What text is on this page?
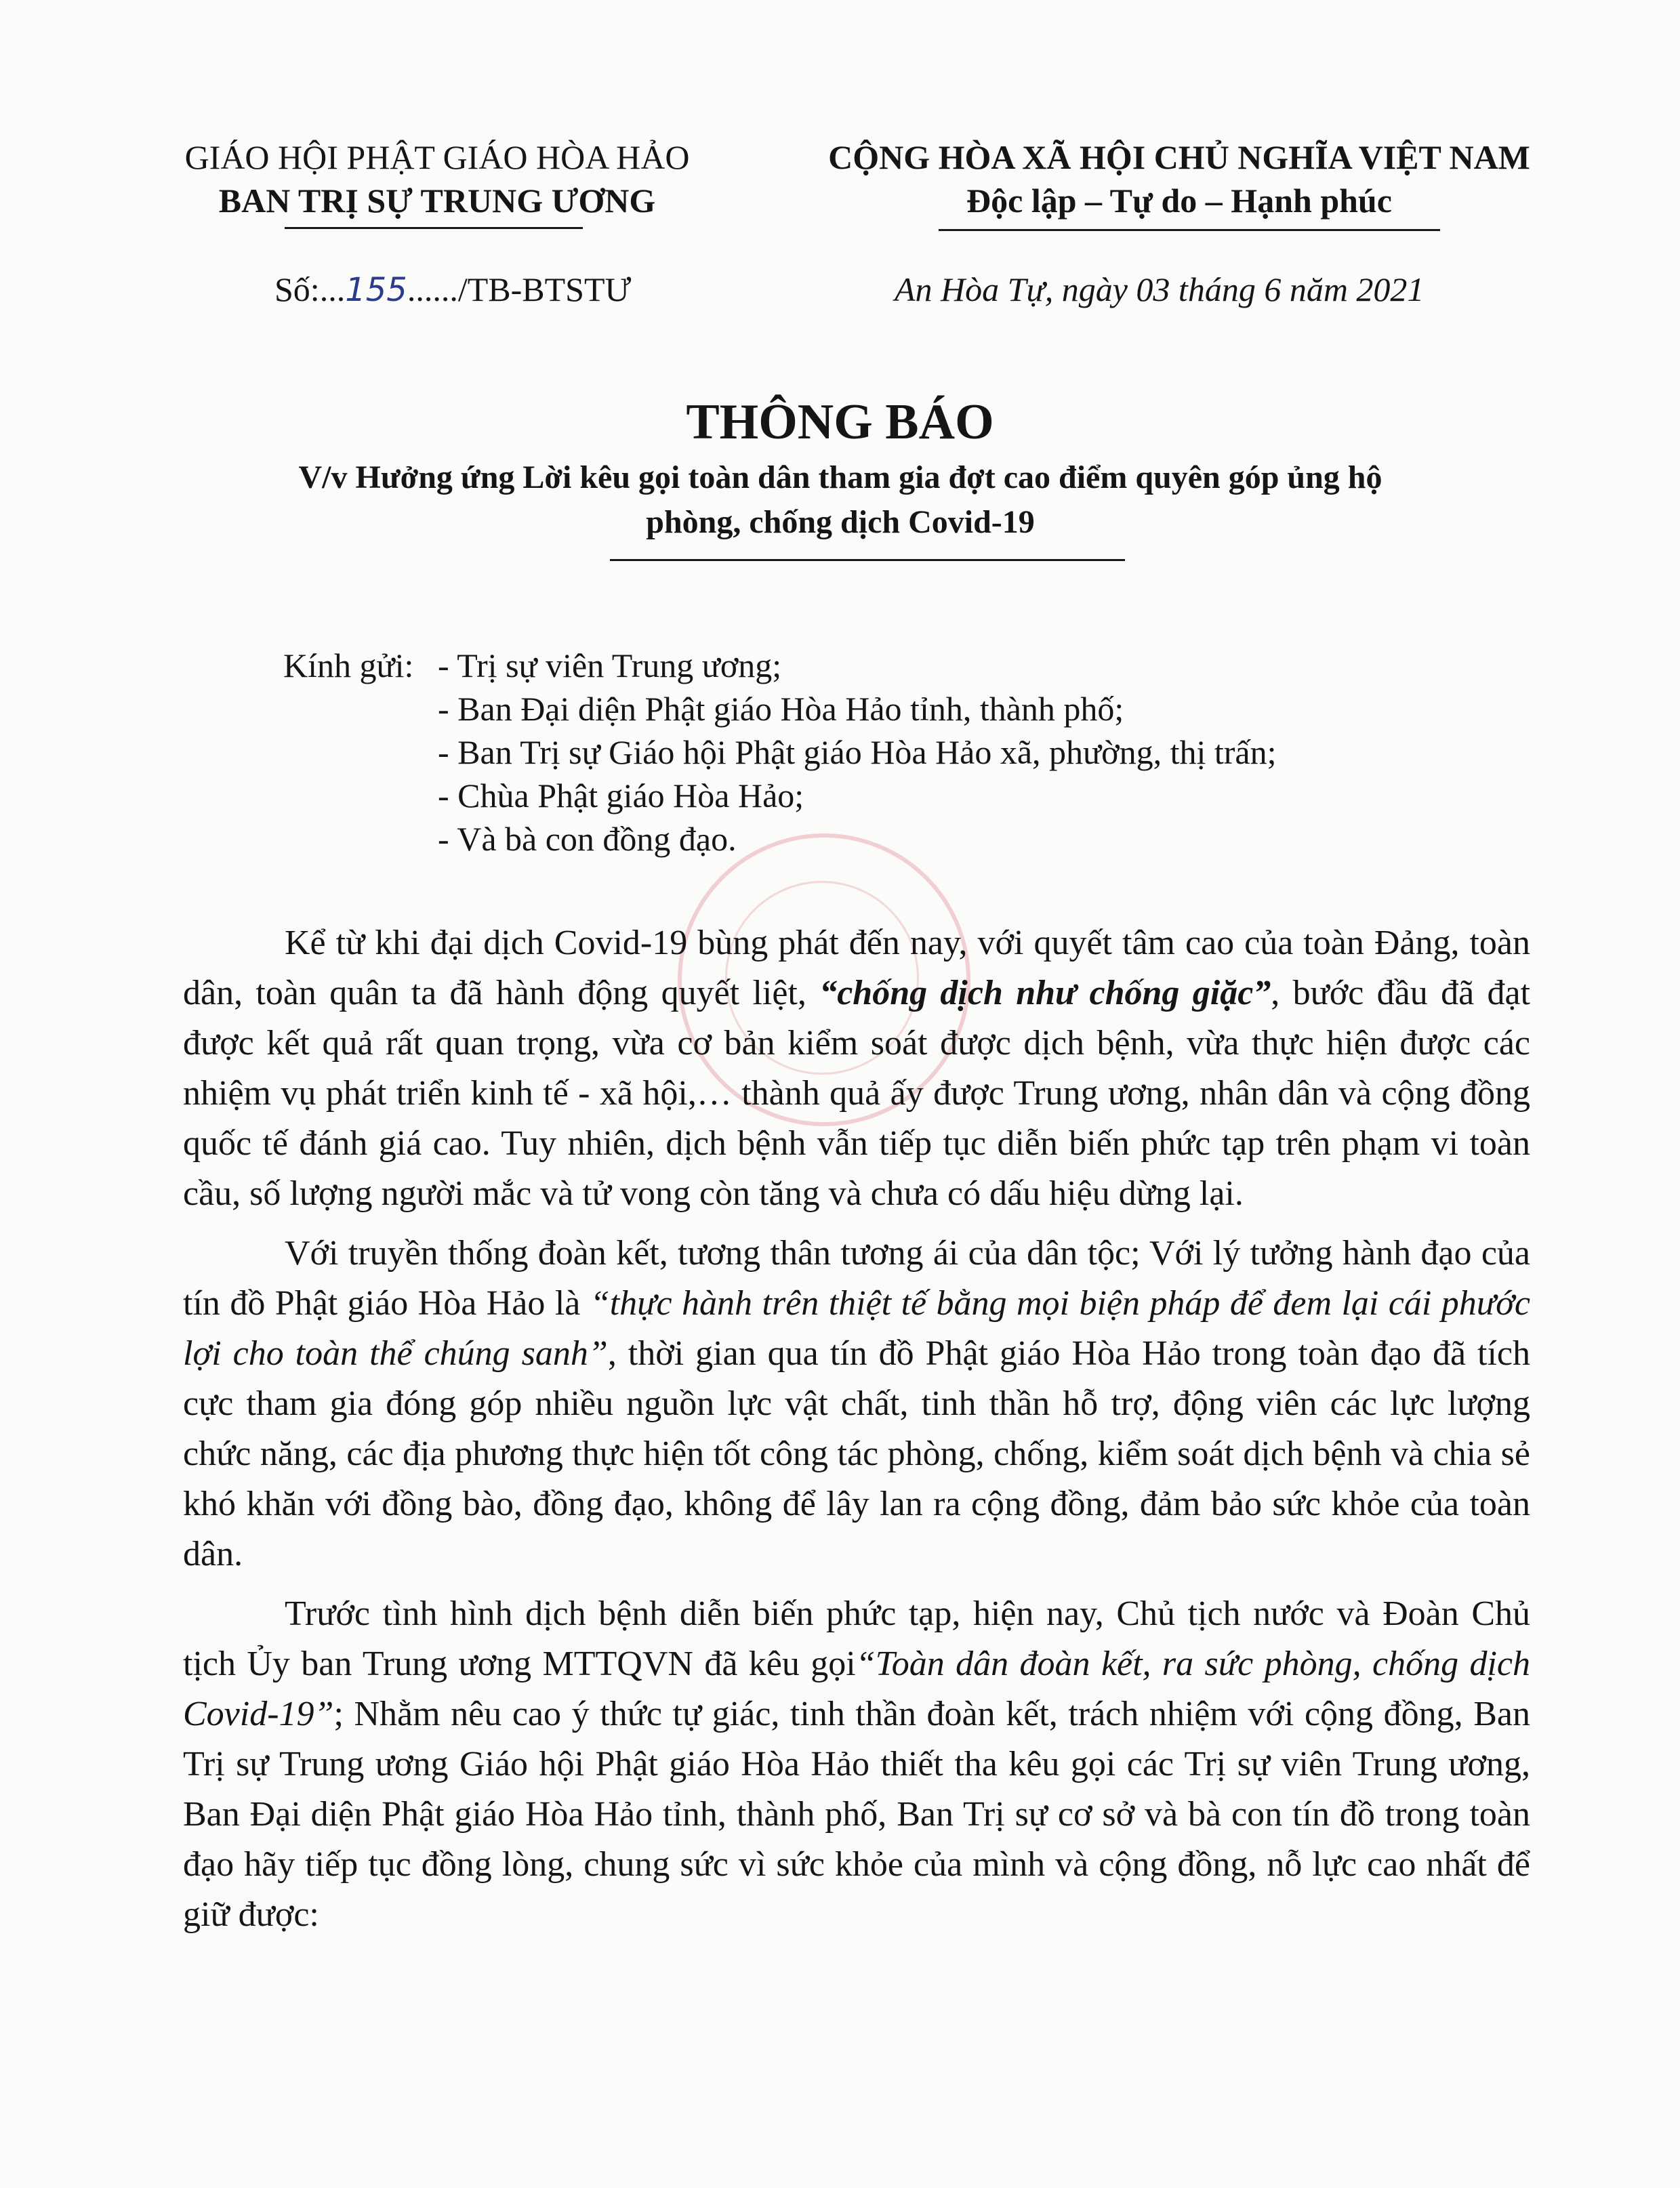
GIÁO HỘI PHẬT GIÁO HÒA HẢO
BAN TRỊ SỰ TRUNG ƯƠNG
CỘNG HÒA XÃ HỘI CHỦ NGHĨA VIỆT NAM
Độc lập – Tự do – Hạnh phúc
Số:...155....../TB-BTSTƯ	An Hòa Tự, ngày 03 tháng 6 năm 2021
THÔNG BÁO
V/v Hưởng ứng Lời kêu gọi toàn dân tham gia đợt cao điểm quyên góp ủng hộ
phòng, chống dịch Covid-19
Kính gửi: - Trị sự viên Trung ương;
- Ban Đại diện Phật giáo Hòa Hảo tỉnh, thành phố;
- Ban Trị sự Giáo hội Phật giáo Hòa Hảo xã, phường, thị trấn;
- Chùa Phật giáo Hòa Hảo;
- Và bà con đồng đạo.

Kể từ khi đại dịch Covid-19 bùng phát đến nay, với quyết tâm cao của toàn Đảng, toàn dân, toàn quân ta đã hành động quyết liệt, “chống dịch như chống giặc”, bước đầu đã đạt được kết quả rất quan trọng, vừa cơ bản kiểm soát được dịch bệnh, vừa thực hiện được các nhiệm vụ phát triển kinh tế - xã hội,… thành quả ấy được Trung ương, nhân dân và cộng đồng quốc tế đánh giá cao. Tuy nhiên, dịch bệnh vẫn tiếp tục diễn biến phức tạp trên phạm vi toàn cầu, số lượng người mắc và tử vong còn tăng và chưa có dấu hiệu dừng lại.

Với truyền thống đoàn kết, tương thân tương ái của dân tộc; Với lý tưởng hành đạo của tín đồ Phật giáo Hòa Hảo là “thực hành trên thiệt tế bằng mọi biện pháp để đem lại cái phước lợi cho toàn thể chúng sanh”, thời gian qua tín đồ Phật giáo Hòa Hảo trong toàn đạo đã tích cực tham gia đóng góp nhiều nguồn lực vật chất, tinh thần hỗ trợ, động viên các lực lượng chức năng, các địa phương thực hiện tốt công tác phòng, chống, kiểm soát dịch bệnh và chia sẻ khó khăn với đồng bào, đồng đạo, không để lây lan ra cộng đồng, đảm bảo sức khỏe của toàn dân.

Trước tình hình dịch bệnh diễn biến phức tạp, hiện nay, Chủ tịch nước và Đoàn Chủ tịch Ủy ban Trung ương MTTQVN đã kêu gọi“Toàn dân đoàn kết, ra sức phòng, chống dịch Covid-19”; Nhằm nêu cao ý thức tự giác, tinh thần đoàn kết, trách nhiệm với cộng đồng, Ban Trị sự Trung ương Giáo hội Phật giáo Hòa Hảo thiết tha kêu gọi các Trị sự viên Trung ương, Ban Đại diện Phật giáo Hòa Hảo tỉnh, thành phố, Ban Trị sự cơ sở và bà con tín đồ trong toàn đạo hãy tiếp tục đồng lòng, chung sức vì sức khỏe của mình và cộng đồng, nỗ lực cao nhất để giữ được:
